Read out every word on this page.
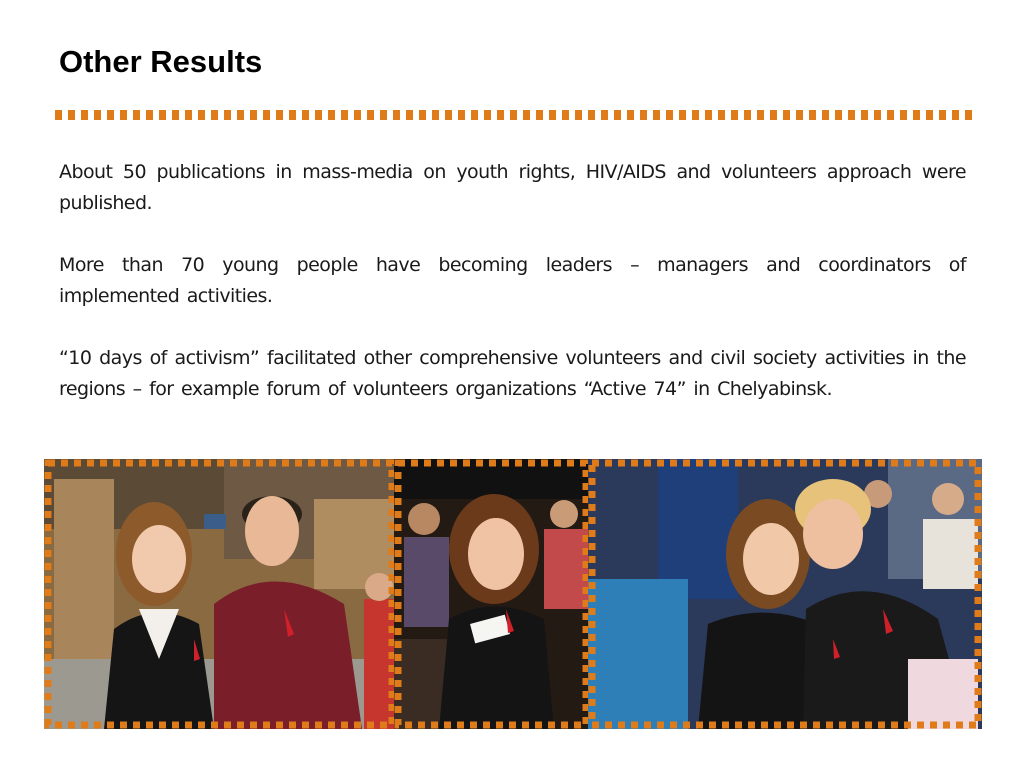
Other Results

About 50 publications in mass-media on youth rights, HIV/AIDS and volunteers approach were published.

More than 70 young people have becoming leaders – managers and coordinators of implemented activities.

“10 days of activism” facilitated other comprehensive volunteers and civil society activities in the regions – for example forum of volunteers organizations “Active 74” in Chelyabinsk.
